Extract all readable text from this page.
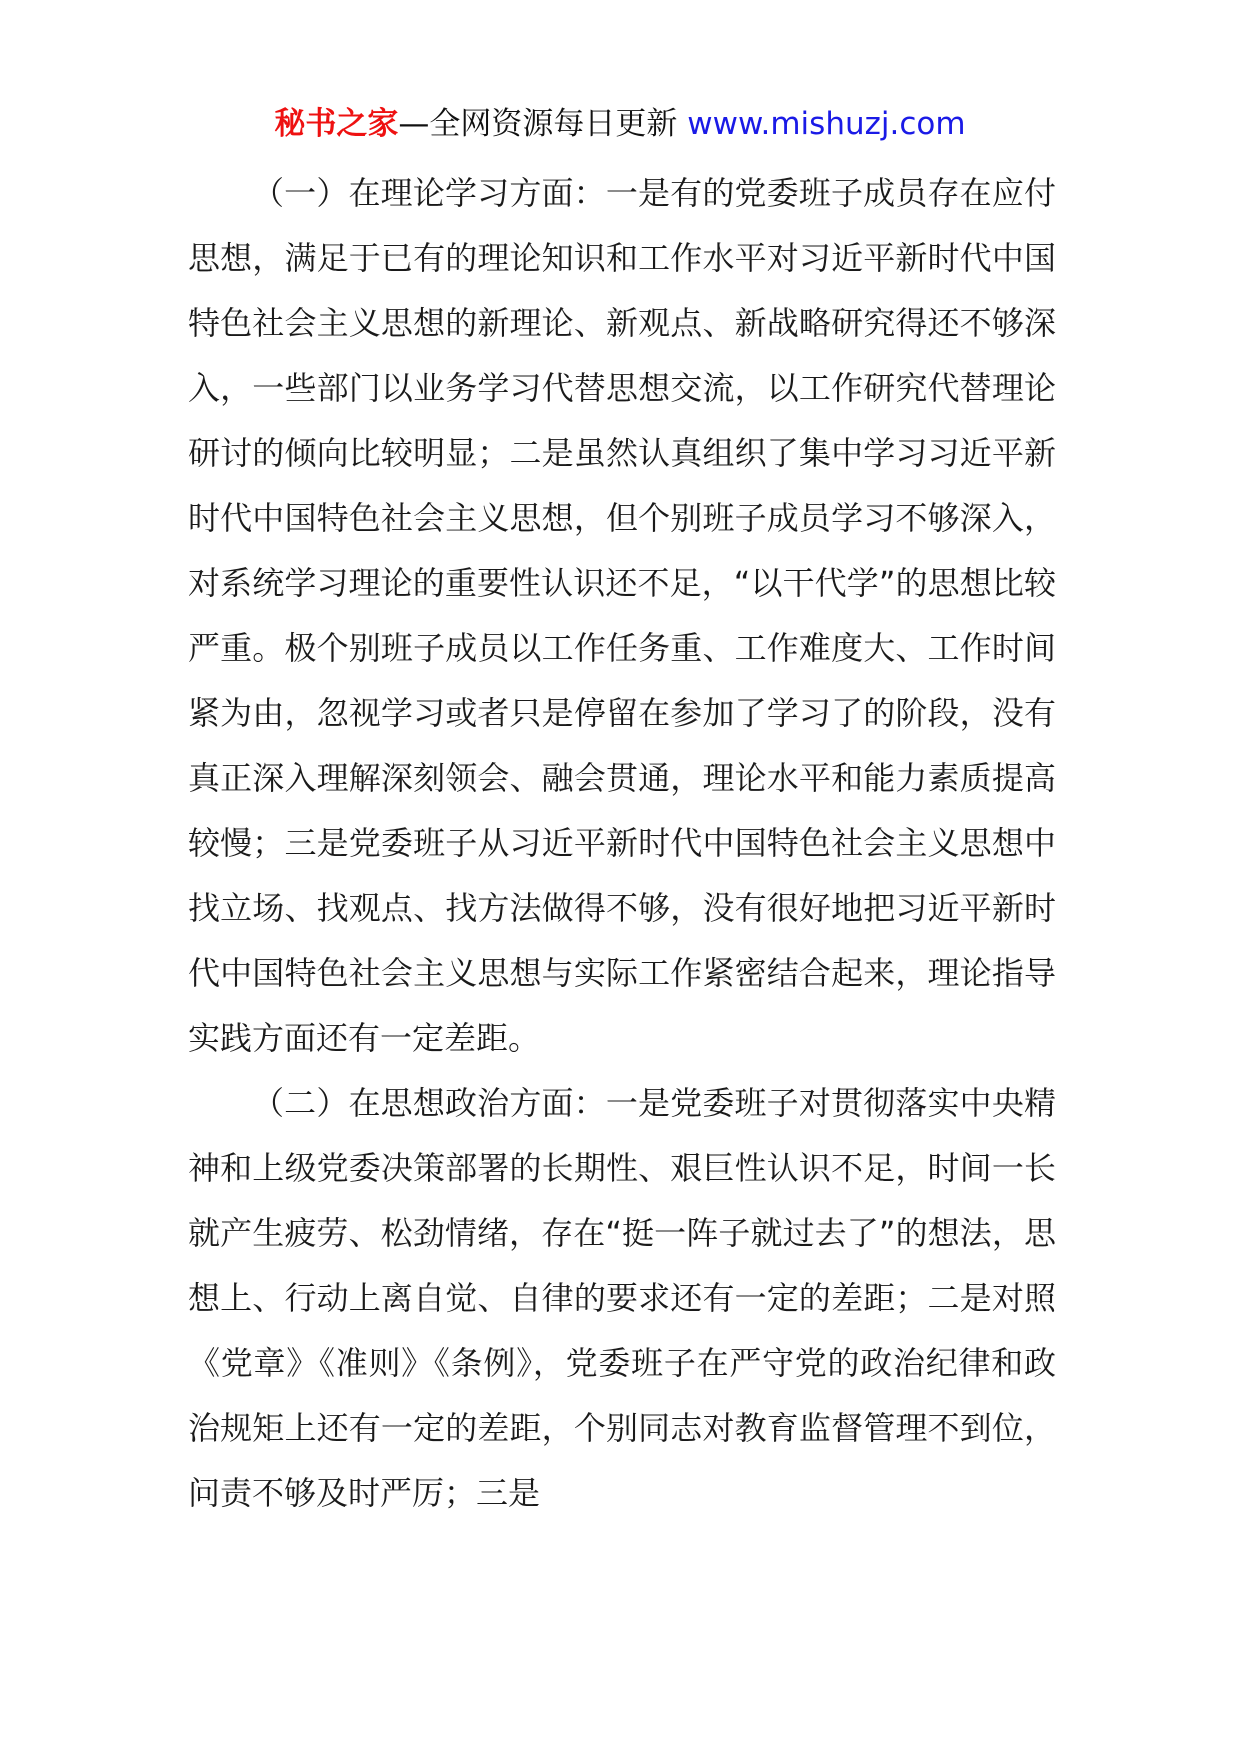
秘书之家—全网资源每日更新 www.mishuzj.com

（一）在理论学习方面：一是有的党委班子成员存在应付思想，满足于已有的理论知识和工作水平对习近平新时代中国特色社会主义思想的新理论、新观点、新战略研究得还不够深入，一些部门以业务学习代替思想交流，以工作研究代替理论研讨的倾向比较明显；二是虽然认真组织了集中学习习近平新时代中国特色社会主义思想，但个别班子成员学习不够深入，对系统学习理论的重要性认识还不足，“以干代学”的思想比较严重。极个别班子成员以工作任务重、工作难度大、工作时间紧为由，忽视学习或者只是停留在参加了学习了的阶段，没有真正深入理解深刻领会、融会贯通，理论水平和能力素质提高较慢；三是党委班子从习近平新时代中国特色社会主义思想中找立场、找观点、找方法做得不够，没有很好地把习近平新时代中国特色社会主义思想与实际工作紧密结合起来，理论指导实践方面还有一定差距。

（二）在思想政治方面：一是党委班子对贯彻落实中央精神和上级党委决策部署的长期性、艰巨性认识不足，时间一长就产生疲劳、松劲情绪，存在“挺一阵子就过去了”的想法，思想上、行动上离自觉、自律的要求还有一定的差距；二是对照《党章》《准则》《条例》，党委班子在严守党的政治纪律和政治规矩上还有一定的差距，个别同志对教育监督管理不到位，问责不够及时严厉；三是
